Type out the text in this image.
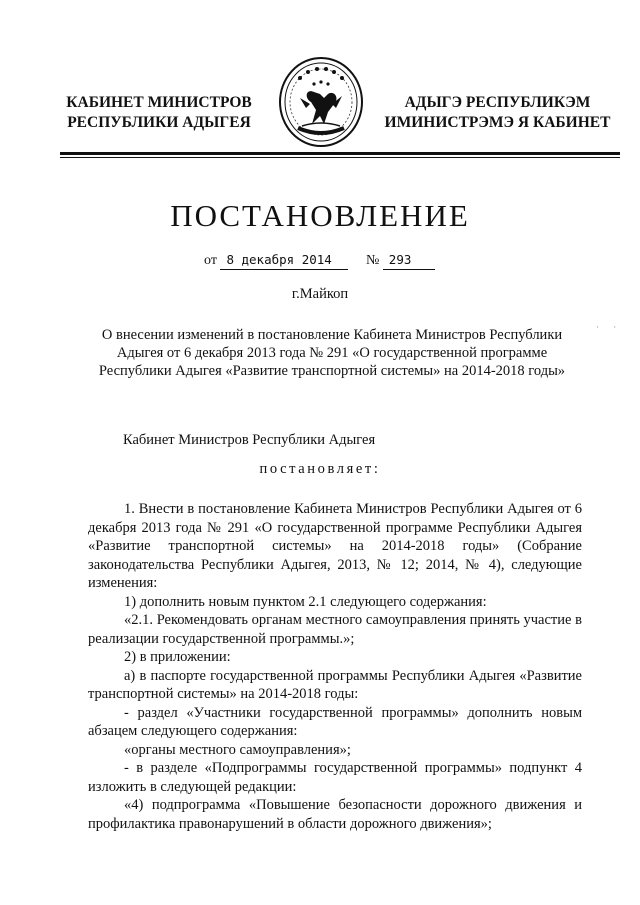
КАБИНЕТ МИНИСТРОВ
РЕСПУБЛИКИ АДЫГЕЯ
АДЫГЭ РЕСПУБЛИКЭМ
ИМИНИСТРЭМЭ Я КАБИНЕТ
ПОСТАНОВЛЕНИЕ
от 8 декабря 2014 № 293
г.Майкоп
О внесении изменений в постановление Кабинета Министров Республики Адыгея от 6 декабря 2013 года № 291 «О государственной программе Республики Адыгея «Развитие транспортной системы» на 2014-2018 годы»
· ·
Кабинет Министров Республики Адыгея
постановляет:

1. Внести в постановление Кабинета Министров Республики Адыгея от 6 декабря 2013 года № 291 «О государственной программе Республики Адыгея «Развитие транспортной системы» на 2014-2018 годы» (Собрание законодательства Республики Адыгея, 2013, № 12; 2014, № 4), следующие изменения:

1) дополнить новым пунктом 2.1 следующего содержания:

«2.1. Рекомендовать органам местного самоуправления принять участие в реализации государственной программы.»;

2) в приложении:

а) в паспорте государственной программы Республики Адыгея «Развитие транспортной системы» на 2014-2018 годы:

- раздел «Участники государственной программы» дополнить новым абзацем следующего содержания:

«органы местного самоуправления»;

- в разделе «Подпрограммы государственной программы» подпункт 4 изложить в следующей редакции:

«4) подпрограмма «Повышение безопасности дорожного движения и профилактика правонарушений в области дорожного движения»;
